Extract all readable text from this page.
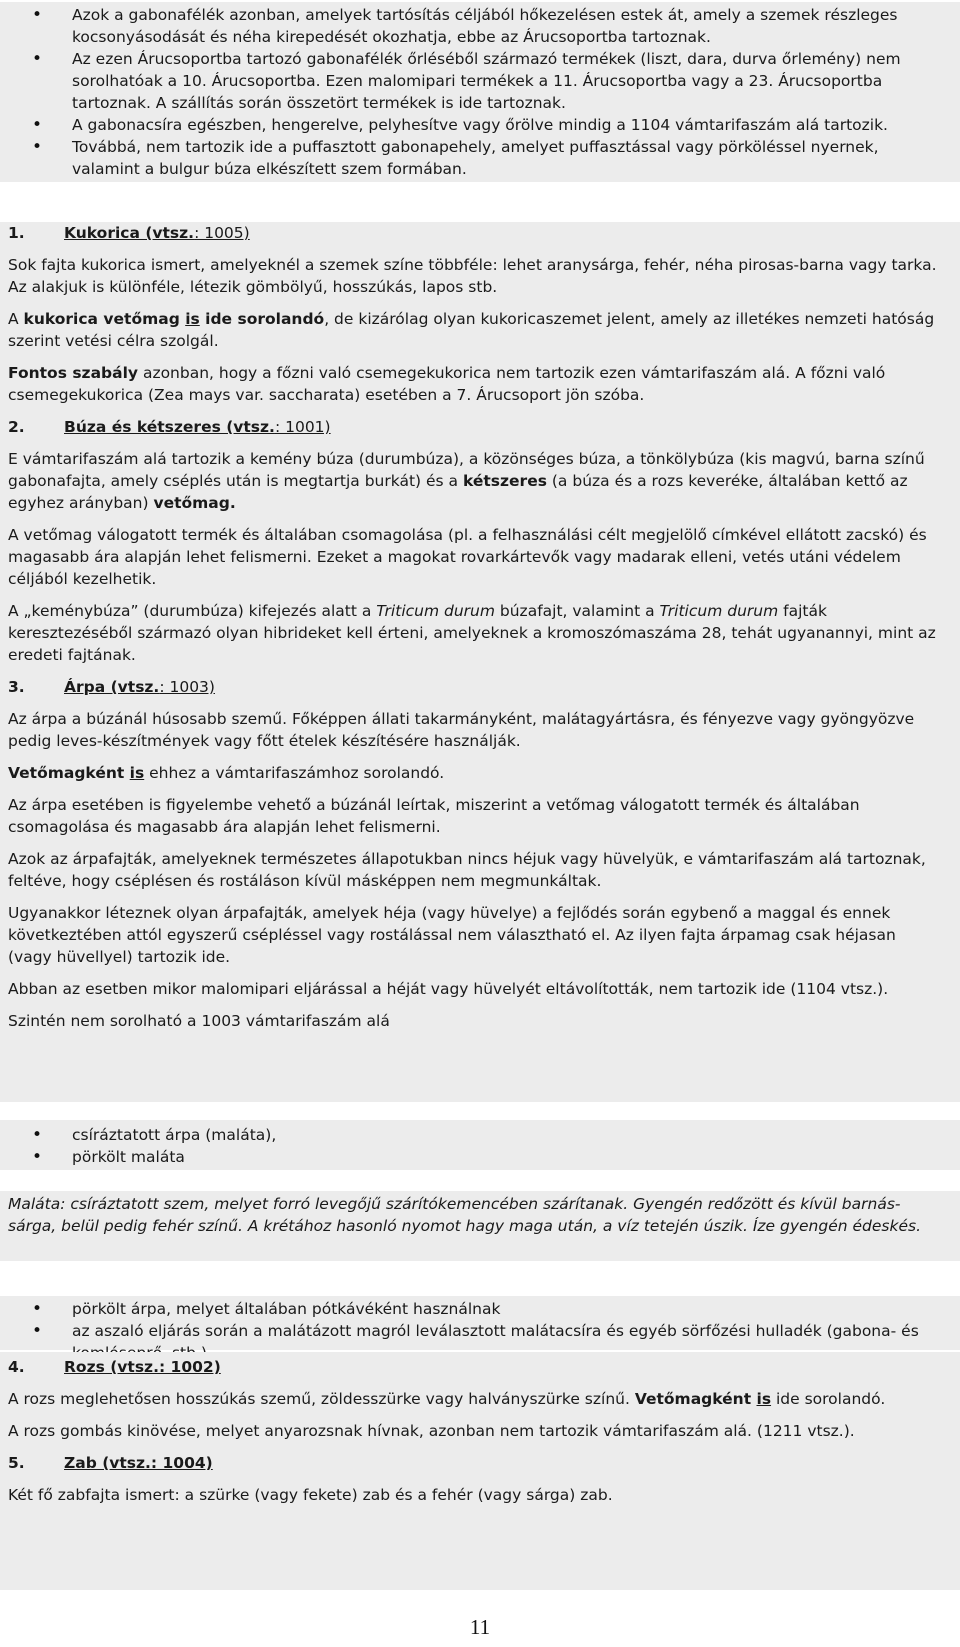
• Azok a gabonafélék azonban, amelyek tartósítás céljából hőkezelésen estek át, amely a szemek részleges kocsonyásodását és néha kirepedését okozhatja, ebbe az Árucsoportba tartoznak.
• Az ezen Árucsoportba tartozó gabonafélék őrléséből származó termékek (liszt, dara, durva őrlemény) nem sorolhatóak a 10. Árucsoportba. Ezen malomipari termékek a 11. Árucsoportba vagy a 23. Árucsoportba tartoznak. A szállítás során összetört termékek is ide tartoznak.
• A gabonacsíra egészben, hengerelve, pelyhesítve vagy őrölve mindig a 1104 vámtarifaszám alá tartozik.
• Továbbá, nem tartozik ide a puffasztott gabonapehely, amelyet puffasztással vagy pörköléssel nyernek, valamint a bulgur búza elkészített szem formában.
1.	Kukorica (vtsz.: 1005)

Sok fajta kukorica ismert, amelyeknél a szemek színe többféle: lehet aranysárga, fehér, néha pirosas-barna vagy tarka. Az alakjuk is különféle, létezik gömbölyű, hosszúkás, lapos stb.

A kukorica vetőmag is ide sorolandó, de kizárólag olyan kukoricaszemet jelent, amely az illetékes nemzeti hatóság szerint vetési célra szolgál.

Fontos szabály azonban, hogy a főzni való csemegekukorica nem tartozik ezen vámtarifaszám alá. A főzni való csemegekukorica (Zea mays var. saccharata) esetében a 7. Árucsoport jön szóba.

2.	Búza és kétszeres (vtsz.: 1001)

E vámtarifaszám alá tartozik a kemény búza (durumbúza), a közönséges búza, a tönkölybúza (kis magvú, barna színű gabonafajta, amely cséplés után is megtartja burkát) és a kétszeres (a búza és a rozs keveréke, általában kettő az egyhez arányban) vetőmag.

A vetőmag válogatott termék és általában csomagolása (pl. a felhasználási célt megjelölő címkével ellátott zacskó) és magasabb ára alapján lehet felismerni. Ezeket a magokat rovarkártevők vagy madarak elleni, vetés utáni védelem céljából kezelhetik.

A „keménybúza” (durumbúza) kifejezés alatt a Triticum durum búzafajt, valamint a Triticum durum fajták keresztezéséből származó olyan hibrideket kell érteni, amelyeknek a kromoszómaszáma 28, tehát ugyanannyi, mint az eredeti fajtának.

3.	Árpa (vtsz.: 1003)

Az árpa a búzánál húsosabb szemű. Főképpen állati takarmányként, malátagyártásra, és fényezve vagy gyöngyözve pedig leves-készítmények vagy főtt ételek készítésére használják.

Vetőmagként is ehhez a vámtarifaszámhoz sorolandó.

Az árpa esetében is figyelembe vehető a búzánál leírtak, miszerint a vetőmag válogatott termék és általában csomagolása és magasabb ára alapján lehet felismerni.

Azok az árpafajták, amelyeknek természetes állapotukban nincs héjuk vagy hüvelyük, e vámtarifaszám alá tartoznak, feltéve, hogy cséplésen és rostáláson kívül másképpen nem megmunkáltak.

Ugyanakkor léteznek olyan árpafajták, amelyek héja (vagy hüvelye) a fejlődés során egybenő a maggal és ennek következtében attól egyszerű csépléssel vagy rostálással nem választható el. Az ilyen fajta árpamag csak héjasan (vagy hüvellyel) tartozik ide.

Abban az esetben mikor malomipari eljárással a héját vagy hüvelyét eltávolították, nem tartozik ide (1104 vtsz.).

Szintén nem sorolható a 1003 vámtarifaszám alá

• csíráztatott árpa (maláta),
• pörkölt maláta

Maláta: csíráztatott szem, melyet forró levegőjű szárítókemencében szárítanak. Gyengén redőzött és kívül barnás-sárga, belül pedig fehér színű. A krétához hasonló nyomot hagy maga után, a víz tetején úszik. Íze gyengén édeskés.

• pörkölt árpa, melyet általában pótkávéként használnak
• az aszaló eljárás során a malátázott magról leválasztott malátacsíra és egyéb sörfőzési hulladék (gabona- és
4.	Rozs (vtsz.: 1002)

A rozs meglehetősen hosszúkás szemű, zöldesszürke vagy halványszürke színű. Vetőmagként is ide sorolandó.

A rozs gombás kinövése, melyet anyarozsnak hívnak, azonban nem tartozik vámtarifaszám alá. (1211 vtsz.).

5.	Zab (vtsz.: 1004)

Két fő zabfajta ismert: a szürke (vagy fekete) zab és a fehér (vagy sárga) zab.

11
